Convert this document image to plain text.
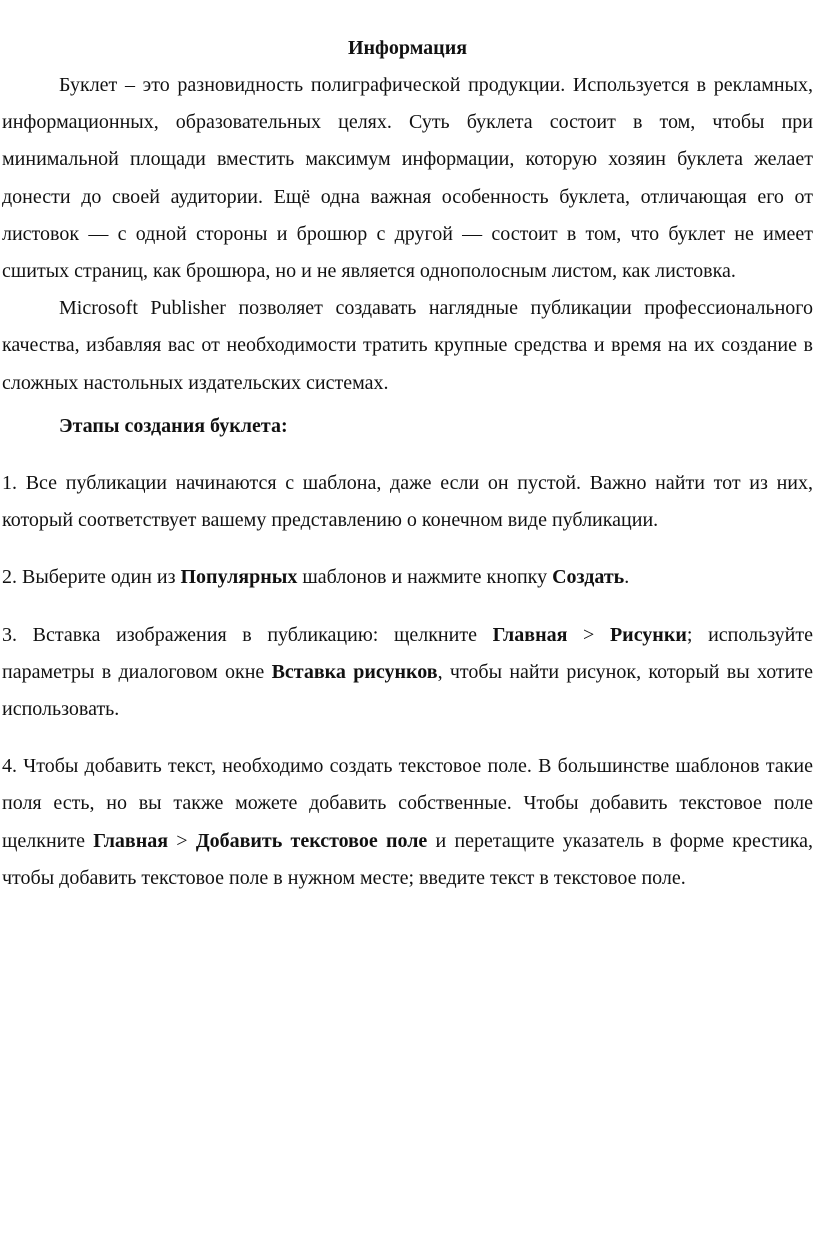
Информация

Буклет – это разновидность полиграфической продукции. Используется в рекламных, информационных, образовательных целях. Суть буклета состоит в том, чтобы при минимальной площади вместить максимум информации, которую хозяин буклета желает донести до своей аудитории. Ещё одна важная особенность буклета, отличающая его от листовок — с одной стороны и брошюр с другой — состоит в том, что буклет не имеет сшитых страниц, как брошюра, но и не является однополосным листом, как листовка.

Microsoft Publisher позволяет создавать наглядные публикации профессионального качества, избавляя вас от необходимости тратить крупные средства и время на их создание в сложных настольных издательских системах.

Этапы создания буклета:

1. Все публикации начинаются с шаблона, даже если он пустой. Важно найти тот из них, который соответствует вашему представлению о конечном виде публикации.

2. Выберите один из Популярных шаблонов и нажмите кнопку Создать.

3. Вставка изображения в публикацию: щелкните Главная > Рисунки; используйте параметры в диалоговом окне Вставка рисунков, чтобы найти рисунок, который вы хотите использовать.

4. Чтобы добавить текст, необходимо создать текстовое поле. В большинстве шаблонов такие поля есть, но вы также можете добавить собственные. Чтобы добавить текстовое поле щелкните Главная > Добавить текстовое поле и перетащите указатель в форме крестика, чтобы добавить текстовое поле в нужном месте; введите текст в текстовое поле.
